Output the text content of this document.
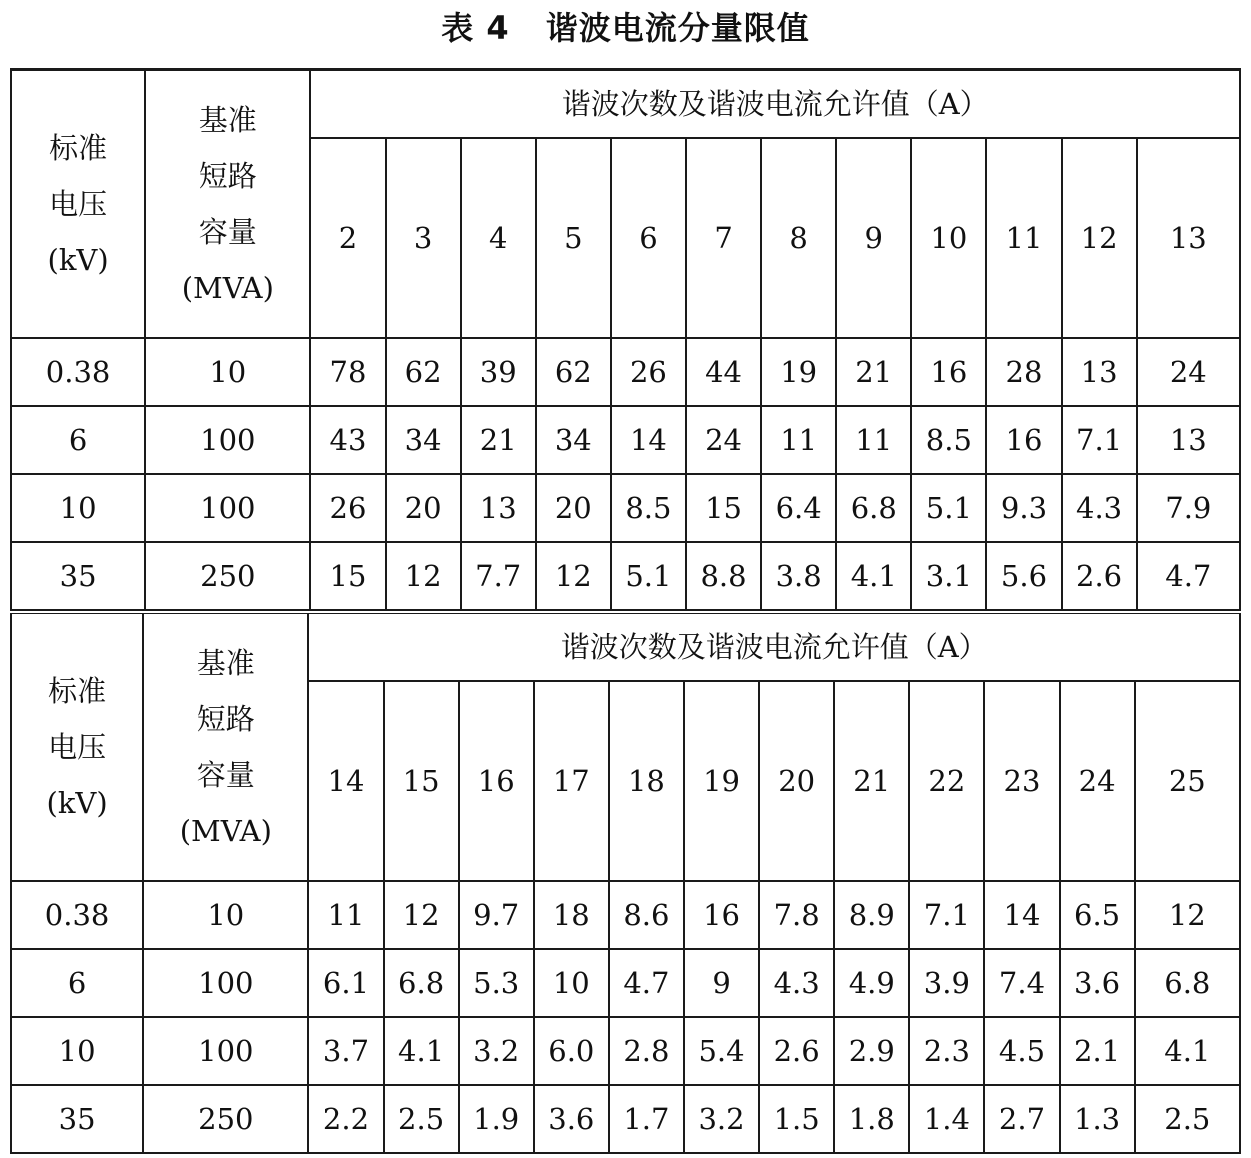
表 4 谐波电流分量限值
标准
电压
(kV)	基准
短路
容量
(MVA)	谐波次数及谐波电流允许值（A）											
		2	3	4	5	6	7	8	9	10	11	12	13
0.38	10	78	62	39	62	26	44	19	21	16	28	13	24
6	100	43	34	21	34	14	24	11	11	8.5	16	7.1	13
10	100	26	20	13	20	8.5	15	6.4	6.8	5.1	9.3	4.3	7.9
35	250	15	12	7.7	12	5.1	8.8	3.8	4.1	3.1	5.6	2.6	4.7
标准
电压
(kV)	基准
短路
容量
(MVA)	谐波次数及谐波电流允许值（A）											
		14	15	16	17	18	19	20	21	22	23	24	25
0.38	10	11	12	9.7	18	8.6	16	7.8	8.9	7.1	14	6.5	12
6	100	6.1	6.8	5.3	10	4.7	9	4.3	4.9	3.9	7.4	3.6	6.8
10	100	3.7	4.1	3.2	6.0	2.8	5.4	2.6	2.9	2.3	4.5	2.1	4.1
35	250	2.2	2.5	1.9	3.6	1.7	3.2	1.5	1.8	1.4	2.7	1.3	2.5
